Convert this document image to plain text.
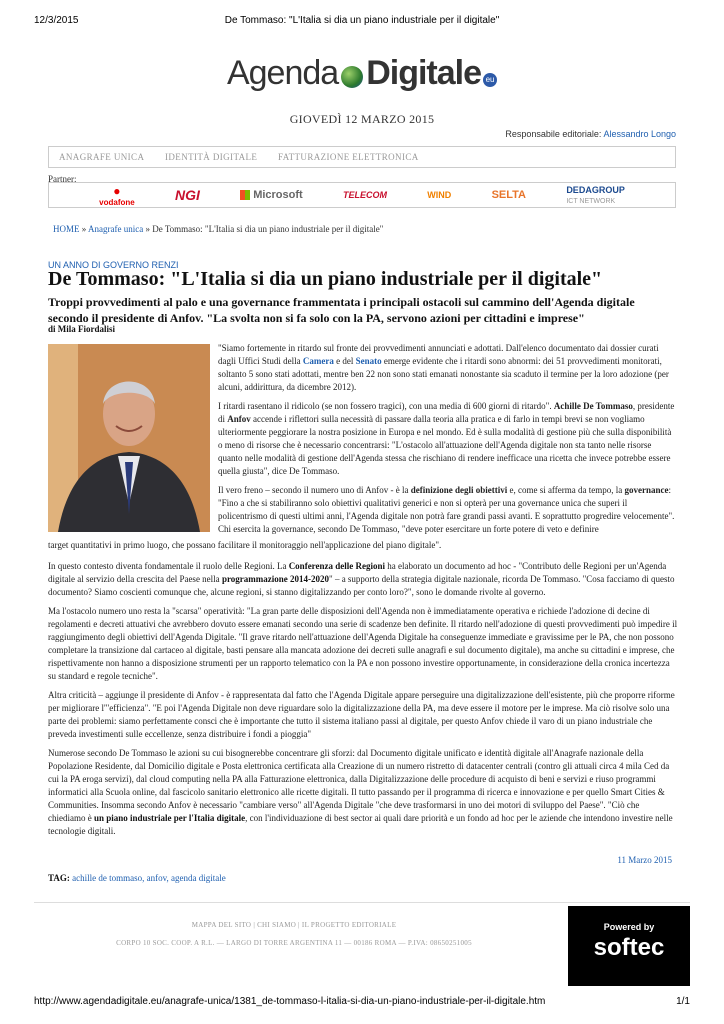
12/3/2015	De Tommaso: "L'Italia si dia un piano industriale per il digitale"
Agenda Digitale eu
GIOVEDÌ 12 MARZO 2015
Responsabile editoriale: Alessandro Longo
ANAGRAFE UNICA IDENTITÀ DIGITALE FATTURAZIONE ELETTRONICA
Partner:
●
vodafone	NGI	Microsoft	TELECOM	WIND	SELTA	DEDAGROUP
ICT NETWORK
HOME » Anagrafe unica » De Tommaso: "L'Italia si dia un piano industriale per il digitale"
UN ANNO DI GOVERNO RENZI
De Tommaso: "L'Italia si dia un piano industriale per il digitale"
Troppi provvedimenti al palo e una governance frammentata i principali ostacoli sul cammino dell'Agenda digitale secondo il presidente di Anfov. "La svolta non si fa solo con la PA, servono azioni per cittadini e imprese"
di Mila Fiordalisi

"Siamo fortemente in ritardo sul fronte dei provvedimenti annunciati e adottati. Dall'elenco documentato dai dossier curati dagli Uffici Studi della Camera e del Senato emerge evidente che i ritardi sono abnormi: dei 51 provvedimenti monitorati, soltanto 5 sono stati adottati, mentre ben 22 non sono stati emanati nonostante sia scaduto il termine per la loro adozione (per alcuni, addirittura, da dicembre 2012).

I ritardi rasentano il ridicolo (se non fossero tragici), con una media di 600 giorni di ritardo". Achille De Tommaso, presidente di Anfov accende i riflettori sulla necessità di passare dalla teoria alla pratica e di farlo in tempi brevi se non vogliamo ulteriormente peggiorare la nostra posizione in Europa e nel mondo. Ed è sulla modalità di gestione più che sulla disponibilità o meno di risorse che è necessario concentrarsi: "L'ostacolo all'attuazione dell'Agenda digitale non sta tanto nelle risorse quanto nelle modalità di gestione dell'Agenda stessa che rischiano di rendere inefficace una ricetta che invece potrebbe essere quella giusta", dice De Tommaso.

Il vero freno – secondo il numero uno di Anfov - è la definizione degli obiettivi e, come si afferma da tempo, la governance: "Fino a che si stabiliranno solo obiettivi qualitativi generici e non si opterà per una governance unica che superi il policentrismo di questi ultimi anni, l'Agenda digitale non potrà fare grandi passi avanti. E soprattutto progredire velocemente". Chi esercita la governance, secondo De Tommaso, "deve poter esercitare un forte potere di veto e definire

target quantitativi in primo luogo, che possano facilitare il monitoraggio nell'applicazione del piano digitale".

In questo contesto diventa fondamentale il ruolo delle Regioni. La Conferenza delle Regioni ha elaborato un documento ad hoc - "Contributo delle Regioni per un'Agenda digitale al servizio della crescita del Paese nella programmazione 2014-2020" – a supporto della strategia digitale nazionale, ricorda De Tommaso. "Cosa facciamo di questo documento? Siamo coscienti comunque che, alcune regioni, si stanno digitalizzando per conto loro?", sono le domande rivolte al governo.

Ma l'ostacolo numero uno resta la "scarsa" operatività: "La gran parte delle disposizioni dell'Agenda non è immediatamente operativa e richiede l'adozione di decine di regolamenti e decreti attuativi che avrebbero dovuto essere emanati secondo una serie di scadenze ben definite. Il ritardo nell'adozione di questi provvedimenti può impedire il raggiungimento degli obiettivi dell'Agenda Digitale. "Il grave ritardo nell'attuazione dell'Agenda Digitale ha conseguenze immediate e gravissime per le PA, che non possono completare la transizione dal cartaceo al digitale, basti pensare alla mancata adozione dei decreti sulle anagrafi e sul documento digitale), ma anche su cittadini e imprese, che rispettivamente non hanno a disposizione strumenti per un rapporto telematico con la PA e non possono investire opportunamente, in considerazione della cronica incertezza su standard e regole tecniche".

Altra criticità – aggiunge il presidente di Anfov - è rappresentata dal fatto che l'Agenda Digitale appare perseguire una digitalizzazione dell'esistente, più che proporre riforme per migliorare l'"efficienza". "E poi l'Agenda Digitale non deve riguardare solo la digitalizzazione della PA, ma deve essere il motore per le imprese. Ma ciò risolve solo una parte dei problemi: siamo perfettamente consci che è importante che tutto il sistema italiano passi al digitale, per questo Anfov chiede il varo di un piano industriale che preveda investimenti sulle eccellenze, senza distribuire i fondi a pioggia"

Numerose secondo De Tommaso le azioni su cui bisognerebbe concentrare gli sforzi: dal Documento digitale unificato e identità digitale all'Anagrafe nazionale della Popolazione Residente, dal Domicilio digitale e Posta elettronica certificata alla Creazione di un numero ristretto di datacenter centrali (contro gli attuali circa 4 mila Ced da cui la PA eroga servizi), dal cloud computing nella PA alla Fatturazione elettronica, dalla Digitalizzazione delle procedure di acquisto di beni e servizi e riuso programmi informatici alla Scuola online, dal fascicolo sanitario elettronico alle ricette digitali. Il tutto passando per il programma di ricerca e innovazione e per quello Smart Cities & Communities. Insomma secondo Anfov è necessario "cambiare verso" all'Agenda Digitale "che deve trasformarsi in uno dei motori di sviluppo del Paese". "Ciò che chiediamo è un piano industriale per l'Italia digitale, con l'individuazione di best sector ai quali dare priorità e un fondo ad hoc per le aziende che intendono investire nelle tecnologie digitali.

11 Marzo 2015
TAG: achille de tommaso, anfov, agenda digitale
MAPPA DEL SITO | CHI SIAMO | IL PROGETTO EDITORIALE
CORPO 10 SOC. COOP. A R.L. — LARGO DI TORRE ARGENTINA 11 — 00186 ROMA — P.IVA: 08650251005
Powered by
softec
http://www.agendadigitale.eu/anagrafe-unica/1381_de-tommaso-l-italia-si-dia-un-piano-industriale-per-il-digitale.htm	1/1
